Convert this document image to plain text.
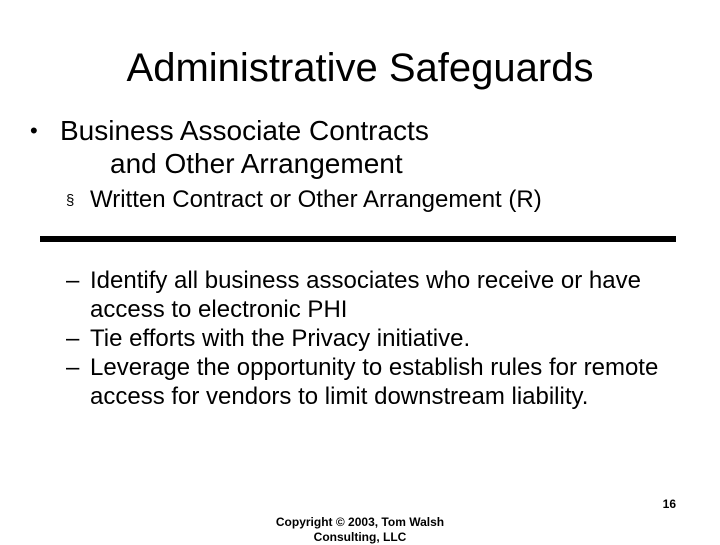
Administrative Safeguards
• Business Associate Contracts
and Other Arrangement
§ Written Contract or Other Arrangement (R)
– Identify all business associates who receive or have access to electronic PHI
– Tie efforts with the Privacy initiative.
– Leverage the opportunity to establish rules for remote access for vendors to limit downstream liability.
16
Copyright © 2003, Tom Walsh
Consulting, LLC
